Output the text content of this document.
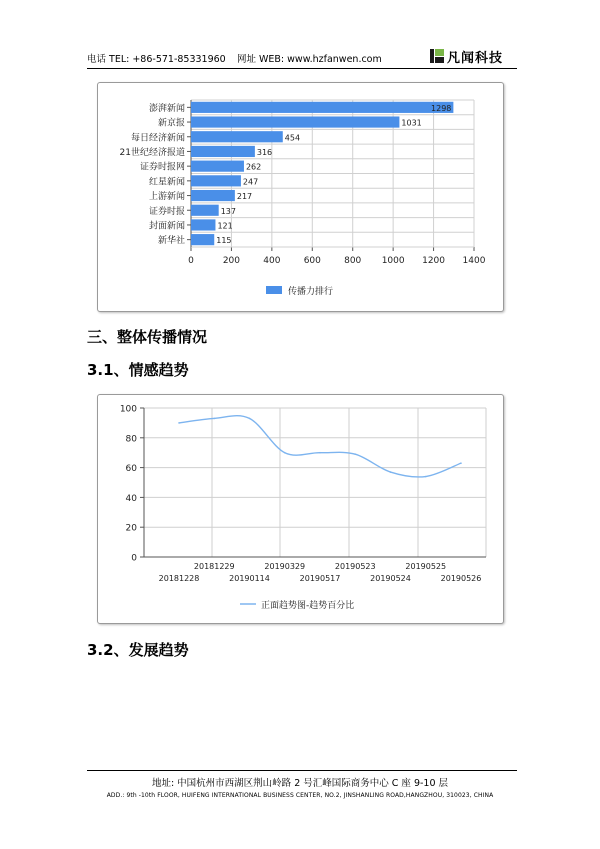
电话 TEL: +86-571-85331960 网址 WEB: www.hzfanwen.com	凡闻科技
0	200	400	600	800 1000 1200 1400
澎湃新闻	1298
新京报	1031
每日经济新闻	454
21世纪经济报道	316
证券时报网	262
红星新闻	247
上游新闻	217
证券时报	137
封面新闻	121
新华社	115
传播力排行
三、整体传播情况
3.1、情感趋势
0
20
40
60
80
100
20181228
20181229
20190114
20190329
20190517
20190523
20190524
20190525
20190526
正面趋势图-趋势百分比
3.2、发展趋势
地址: 中国杭州市西湖区荆山岭路 2 号汇峰国际商务中心 C 座 9-10 层
ADD.: 9th -10th FLOOR, HUIFENG INTERNATIONAL BUSINESS CENTER, NO.2, JINSHANLING ROAD,HANGZHOU, 310023, CHINA
